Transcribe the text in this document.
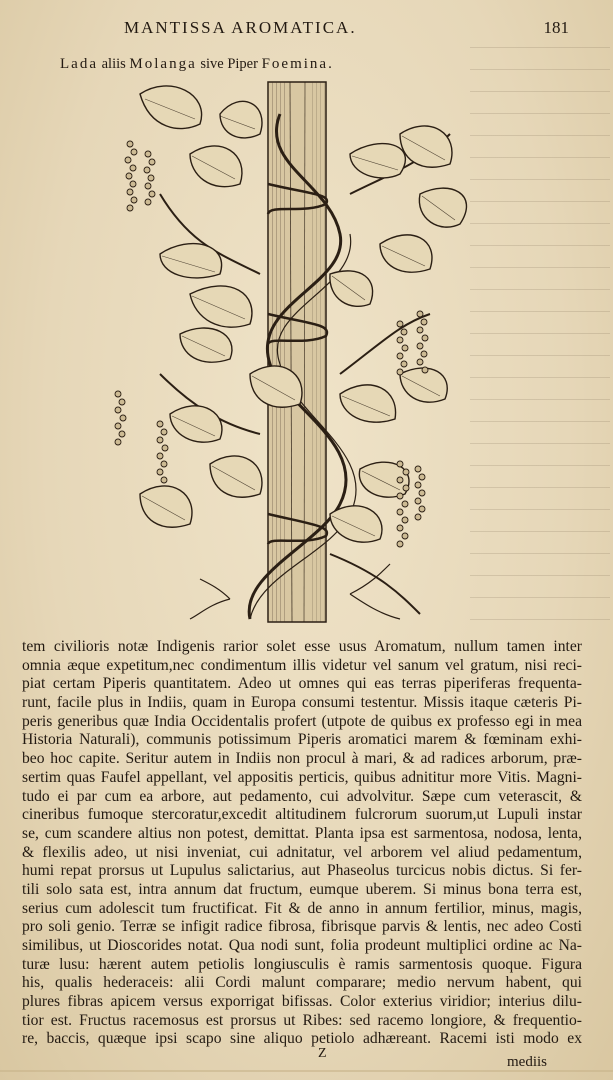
MANTISSA AROMATICA.	181
Lada aliis Molanga sive Piper Foemina.
tem civilioris notæ Indigenis rarior solet esse usus Aromatum, nullum tamen inter
omnia æque expetitum,nec condimentum illis videtur vel sanum vel gratum, nisi reci-
piat certam Piperis quantitatem. Adeo ut omnes qui eas terras piperiferas frequenta-
runt, facile plus in Indiis, quam in Europa consumi testentur. Missis itaque cæteris Pi-
peris generibus quæ India Occidentalis profert (utpote de quibus ex professo egi in mea
Historia Naturali), communis potissimum Piperis aromatici marem & fœminam exhi-
beo hoc capite. Seritur autem in Indiis non procul à mari, & ad radices arborum, præ-
sertim quas Faufel appellant, vel appositis perticis, quibus adnititur more Vitis. Magni-
tudo ei par cum ea arbore, aut pedamento, cui advolvitur. Sæpe cum veterascit, &
cineribus fumoque stercoratur,excedit altitudinem fulcrorum suorum,ut Lupuli instar
se, cum scandere altius non potest, demittat. Planta ipsa est sarmentosa, nodosa, lenta,
& flexilis adeo, ut nisi inveniat, cui adnitatur, vel arborem vel aliud pedamentum,
humi repat prorsus ut Lupulus salictarius, aut Phaseolus turcicus nobis dictus. Si fer-
tili solo sata est, intra annum dat fructum, eumque uberem. Si minus bona terra est,
serius cum adolescit tum fructificat. Fit & de anno in annum fertilior, minus, magis,
pro soli genio. Terræ se infigit radice fibrosa, fibrisque parvis & lentis, nec adeo Costi
similibus, ut Dioscorides notat. Qua nodi sunt, folia prodeunt multiplici ordine ac Na-
turæ lusu: hærent autem petiolis longiusculis è ramis sarmentosis quoque. Figura
his, qualis hederaceis: alii Cordi malunt comparare; medio nervum habent, qui
plures fibras apicem versus exporrigat bifissas. Color exterius viridior; interius dilu-
tior est. Fructus racemosus est prorsus ut Ribes: sed racemo longiore, & frequentio-
re, baccis, quæque ipsi scapo sine aliquo petiolo adhæreant. Racemi isti modo ex
Z
mediis
